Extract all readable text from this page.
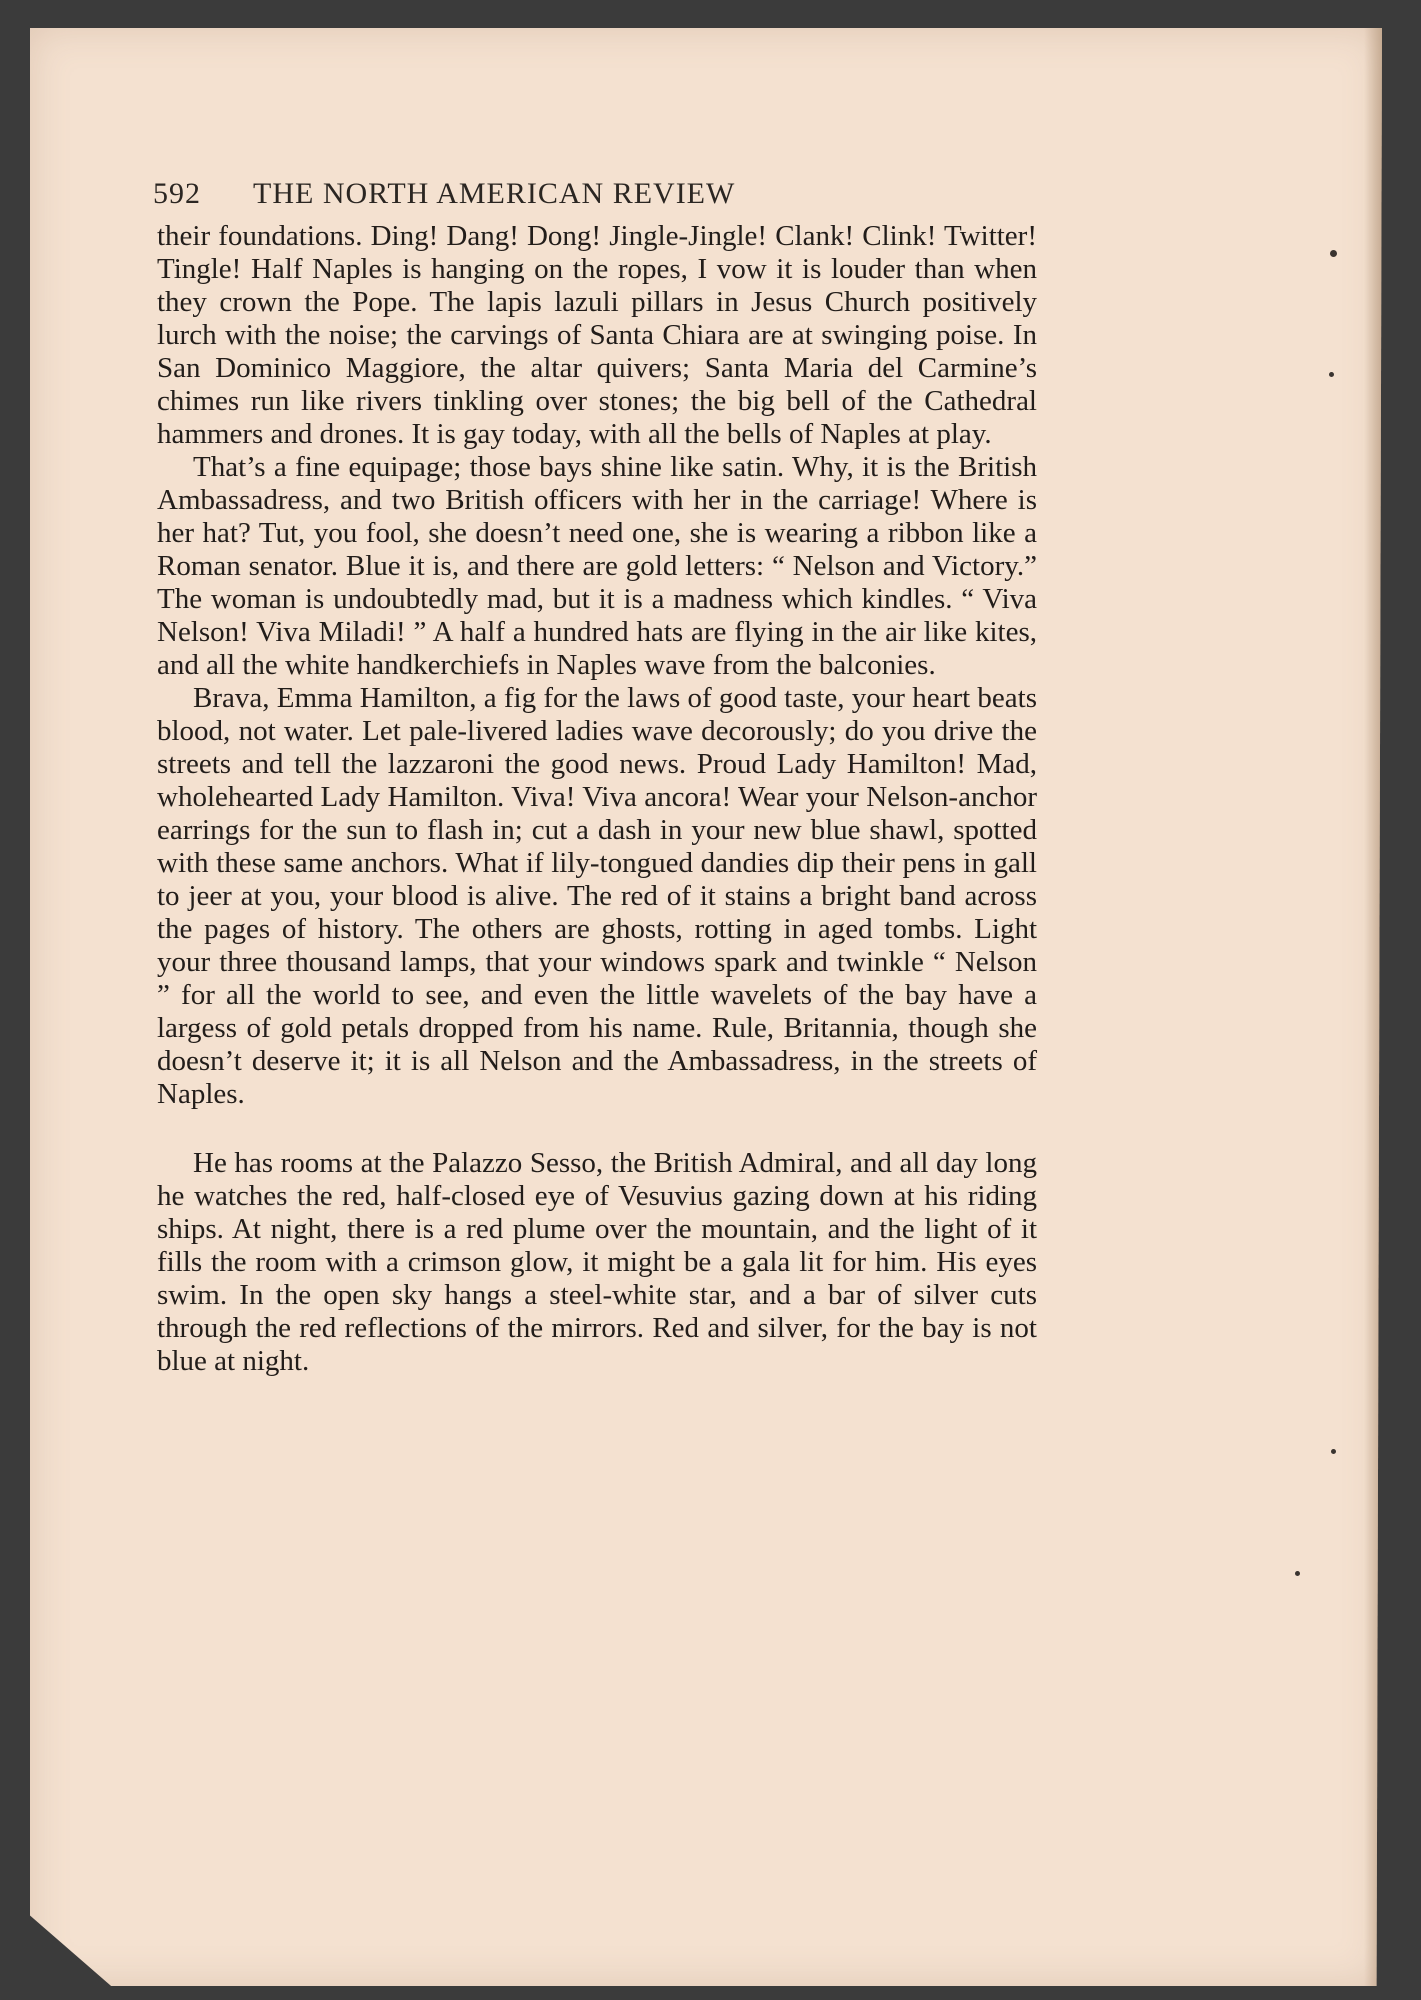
592 THE NORTH AMERICAN REVIEW

their foundations. Ding! Dang! Dong! Jingle-Jingle! Clank! Clink! Twitter! Tingle! Half Naples is hanging on the ropes, I vow it is louder than when they crown the Pope. The lapis lazuli pillars in Jesus Church positively lurch with the noise; the carvings of Santa Chiara are at swinging poise. In San Dominico Maggiore, the altar quivers; Santa Maria del Carmine’s chimes run like rivers tinkling over stones; the big bell of the Cathedral hammers and drones. It is gay today, with all the bells of Naples at play.

That’s a fine equipage; those bays shine like satin. Why, it is the British Ambassadress, and two British officers with her in the carriage! Where is her hat? Tut, you fool, she doesn’t need one, she is wearing a ribbon like a Roman senator. Blue it is, and there are gold letters: “ Nelson and Victory.” The woman is undoubtedly mad, but it is a madness which kindles. “ Viva Nelson! Viva Miladi! ” A half a hundred hats are flying in the air like kites, and all the white handkerchiefs in Naples wave from the balconies.

Brava, Emma Hamilton, a fig for the laws of good taste, your heart beats blood, not water. Let pale-livered ladies wave decorously; do you drive the streets and tell the lazzaroni the good news. Proud Lady Hamilton! Mad, wholehearted Lady Hamilton. Viva! Viva ancora! Wear your Nelson-anchor earrings for the sun to flash in; cut a dash in your new blue shawl, spotted with these same anchors. What if lily-tongued dandies dip their pens in gall to jeer at you, your blood is alive. The red of it stains a bright band across the pages of history. The others are ghosts, rotting in aged tombs. Light your three thousand lamps, that your windows spark and twinkle “ Nelson ” for all the world to see, and even the little wavelets of the bay have a largess of gold petals dropped from his name. Rule, Britannia, though she doesn’t deserve it; it is all Nelson and the Ambassadress, in the streets of Naples.

He has rooms at the Palazzo Sesso, the British Admiral, and all day long he watches the red, half-closed eye of Vesuvius gazing down at his riding ships. At night, there is a red plume over the mountain, and the light of it fills the room with a crimson glow, it might be a gala lit for him. His eyes swim. In the open sky hangs a steel-white star, and a bar of silver cuts through the red reflections of the mirrors. Red and silver, for the bay is not blue at night.
